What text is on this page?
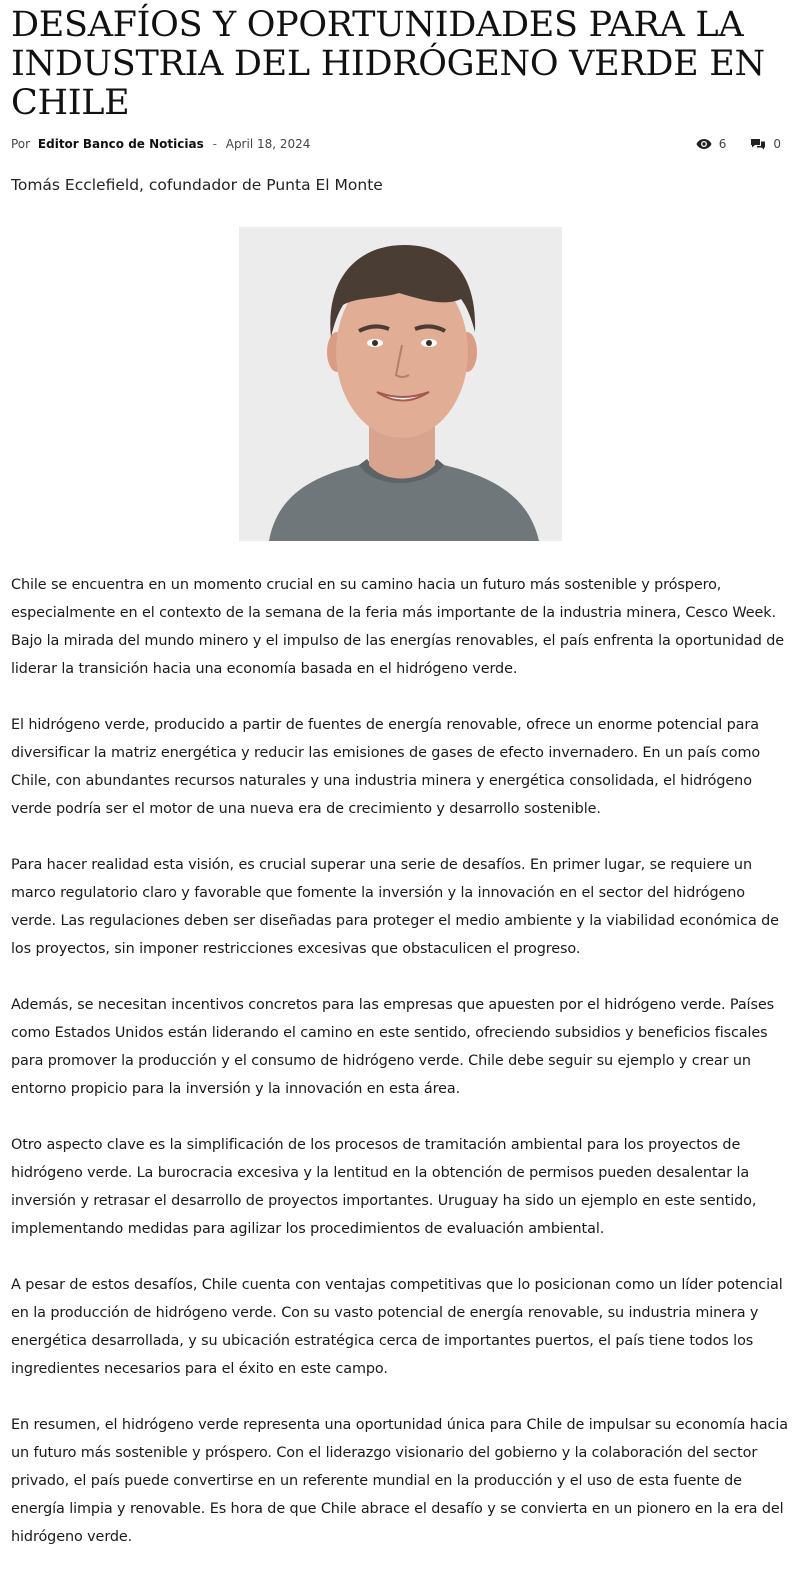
DESAFÍOS Y OPORTUNIDADES PARA LA INDUSTRIA DEL HIDRÓGENO VERDE EN CHILE
Por Editor Banco de Noticias - April 18, 2024	6	0

Tomás Ecclefield, cofundador de Punta El Monte

Chile se encuentra en un momento crucial en su camino hacia un futuro más sostenible y próspero, especialmente en el contexto de la semana de la feria más importante de la industria minera, Cesco Week. Bajo la mirada del mundo minero y el impulso de las energías renovables, el país enfrenta la oportunidad de liderar la transición hacia una economía basada en el hidrógeno verde.

El hidrógeno verde, producido a partir de fuentes de energía renovable, ofrece un enorme potencial para diversificar la matriz energética y reducir las emisiones de gases de efecto invernadero. En un país como Chile, con abundantes recursos naturales y una industria minera y energética consolidada, el hidrógeno verde podría ser el motor de una nueva era de crecimiento y desarrollo sostenible.

Para hacer realidad esta visión, es crucial superar una serie de desafíos. En primer lugar, se requiere un marco regulatorio claro y favorable que fomente la inversión y la innovación en el sector del hidrógeno verde. Las regulaciones deben ser diseñadas para proteger el medio ambiente y la viabilidad económica de los proyectos, sin imponer restricciones excesivas que obstaculicen el progreso.

Además, se necesitan incentivos concretos para las empresas que apuesten por el hidrógeno verde. Países como Estados Unidos están liderando el camino en este sentido, ofreciendo subsidios y beneficios fiscales para promover la producción y el consumo de hidrógeno verde. Chile debe seguir su ejemplo y crear un entorno propicio para la inversión y la innovación en esta área.

Otro aspecto clave es la simplificación de los procesos de tramitación ambiental para los proyectos de hidrógeno verde. La burocracia excesiva y la lentitud en la obtención de permisos pueden desalentar la inversión y retrasar el desarrollo de proyectos importantes. Uruguay ha sido un ejemplo en este sentido, implementando medidas para agilizar los procedimientos de evaluación ambiental.

A pesar de estos desafíos, Chile cuenta con ventajas competitivas que lo posicionan como un líder potencial en la producción de hidrógeno verde. Con su vasto potencial de energía renovable, su industria minera y energética desarrollada, y su ubicación estratégica cerca de importantes puertos, el país tiene todos los ingredientes necesarios para el éxito en este campo.

En resumen, el hidrógeno verde representa una oportunidad única para Chile de impulsar su economía hacia un futuro más sostenible y próspero. Con el liderazgo visionario del gobierno y la colaboración del sector privado, el país puede convertirse en un referente mundial en la producción y el uso de esta fuente de energía limpia y renovable. Es hora de que Chile abrace el desafío y se convierta en un pionero en la era del hidrógeno verde.
